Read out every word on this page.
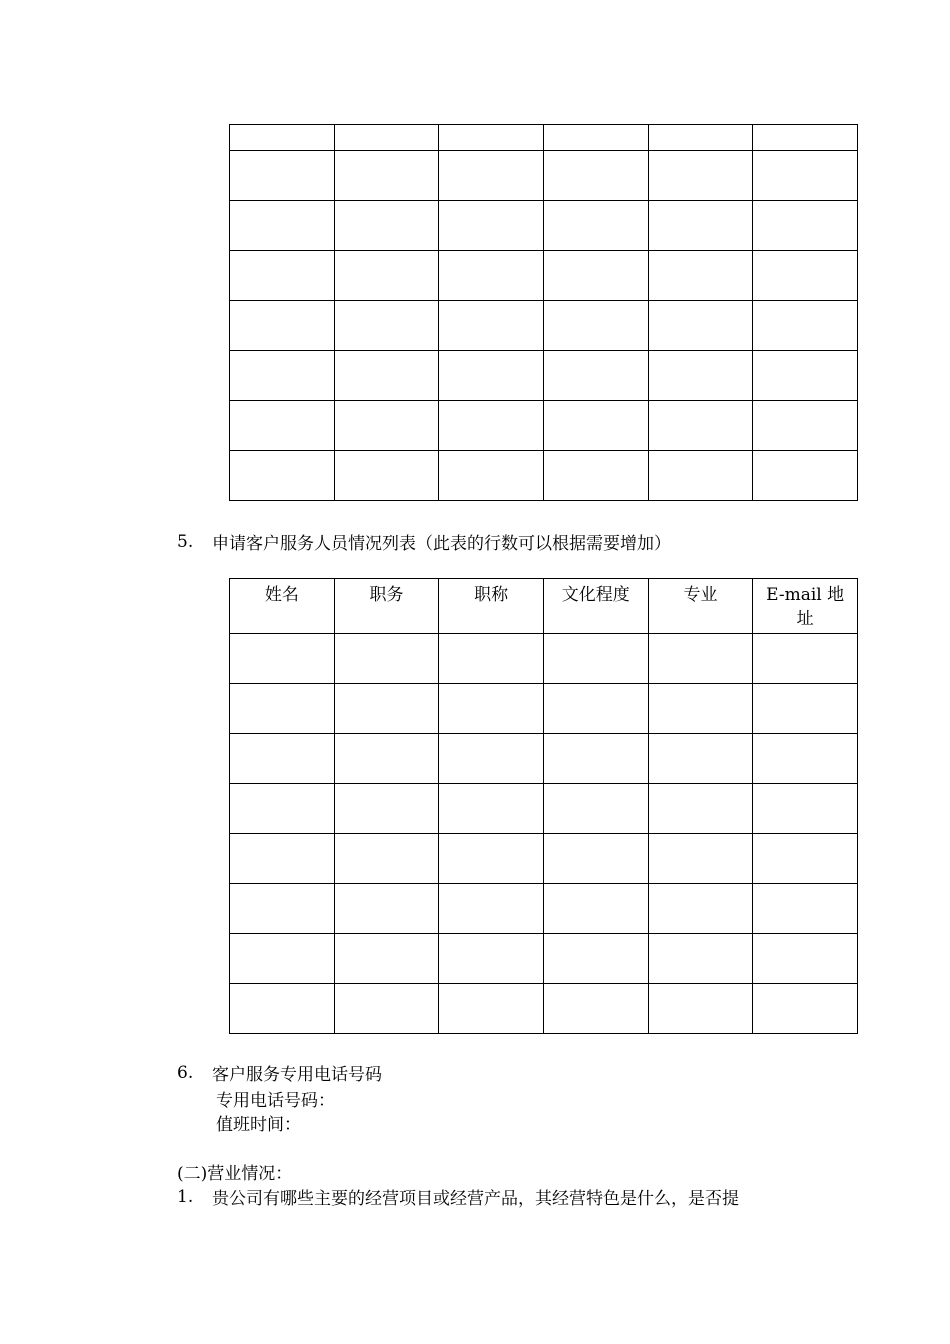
5. 申请客户服务人员情况列表（此表的行数可以根据需要增加）
姓名	职务	职称	文化程度	专业	E-mail 地址

6. 客户服务专用电话号码
专用电话号码：
值班时间：
(二)营业情况：
1. 贵公司有哪些主要的经营项目或经营产品，其经营特色是什么，是否提
